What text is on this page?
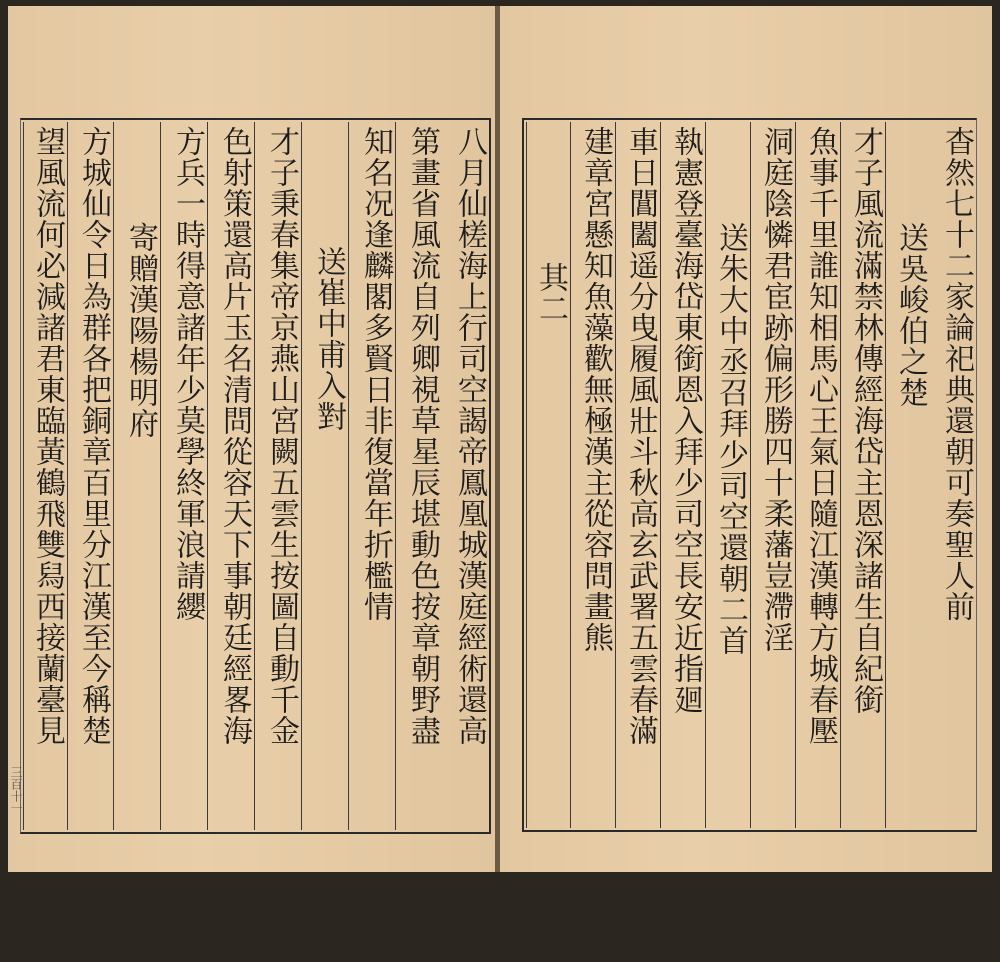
八月仙槎海上行司空謁帝鳳凰城漢庭經術還高
第畫省風流自列卿視草星辰堪動色按章朝野盡
知名况逢麟閣多賢日非復當年折檻情
送崔中甫入對
才子秉春集帝京燕山宮闕五雲生按圖自動千金
色射策還高片玉名清問從容天下事朝廷經畧海
方兵一時得意諸年少莫學終軍浪請纓
寄贈漢陽楊明府
方城仙令日為群各把銅章百里分江漢至今稱楚
望風流何必減諸君東臨黃鶴飛雙舄西接蘭臺見
三百十一
杳然七十二家論祀典還朝可奏聖人前
送吳峻伯之楚
才子風流滿禁林傳經海岱主恩深諸生自紀銜
魚事千里誰知相馬心王氣日隨江漢轉方城春壓
洞庭陰憐君宦跡偏形勝四十柔藩豈滯淫
送朱大中丞召拜少司空還朝二首
執憲登臺海岱東銜恩入拜少司空長安近指廻
車日閶闔遥分曳履風壯斗秋高玄武署五雲春滿
建章宮懸知魚藻歡無極漢主從容問畫熊
其二
